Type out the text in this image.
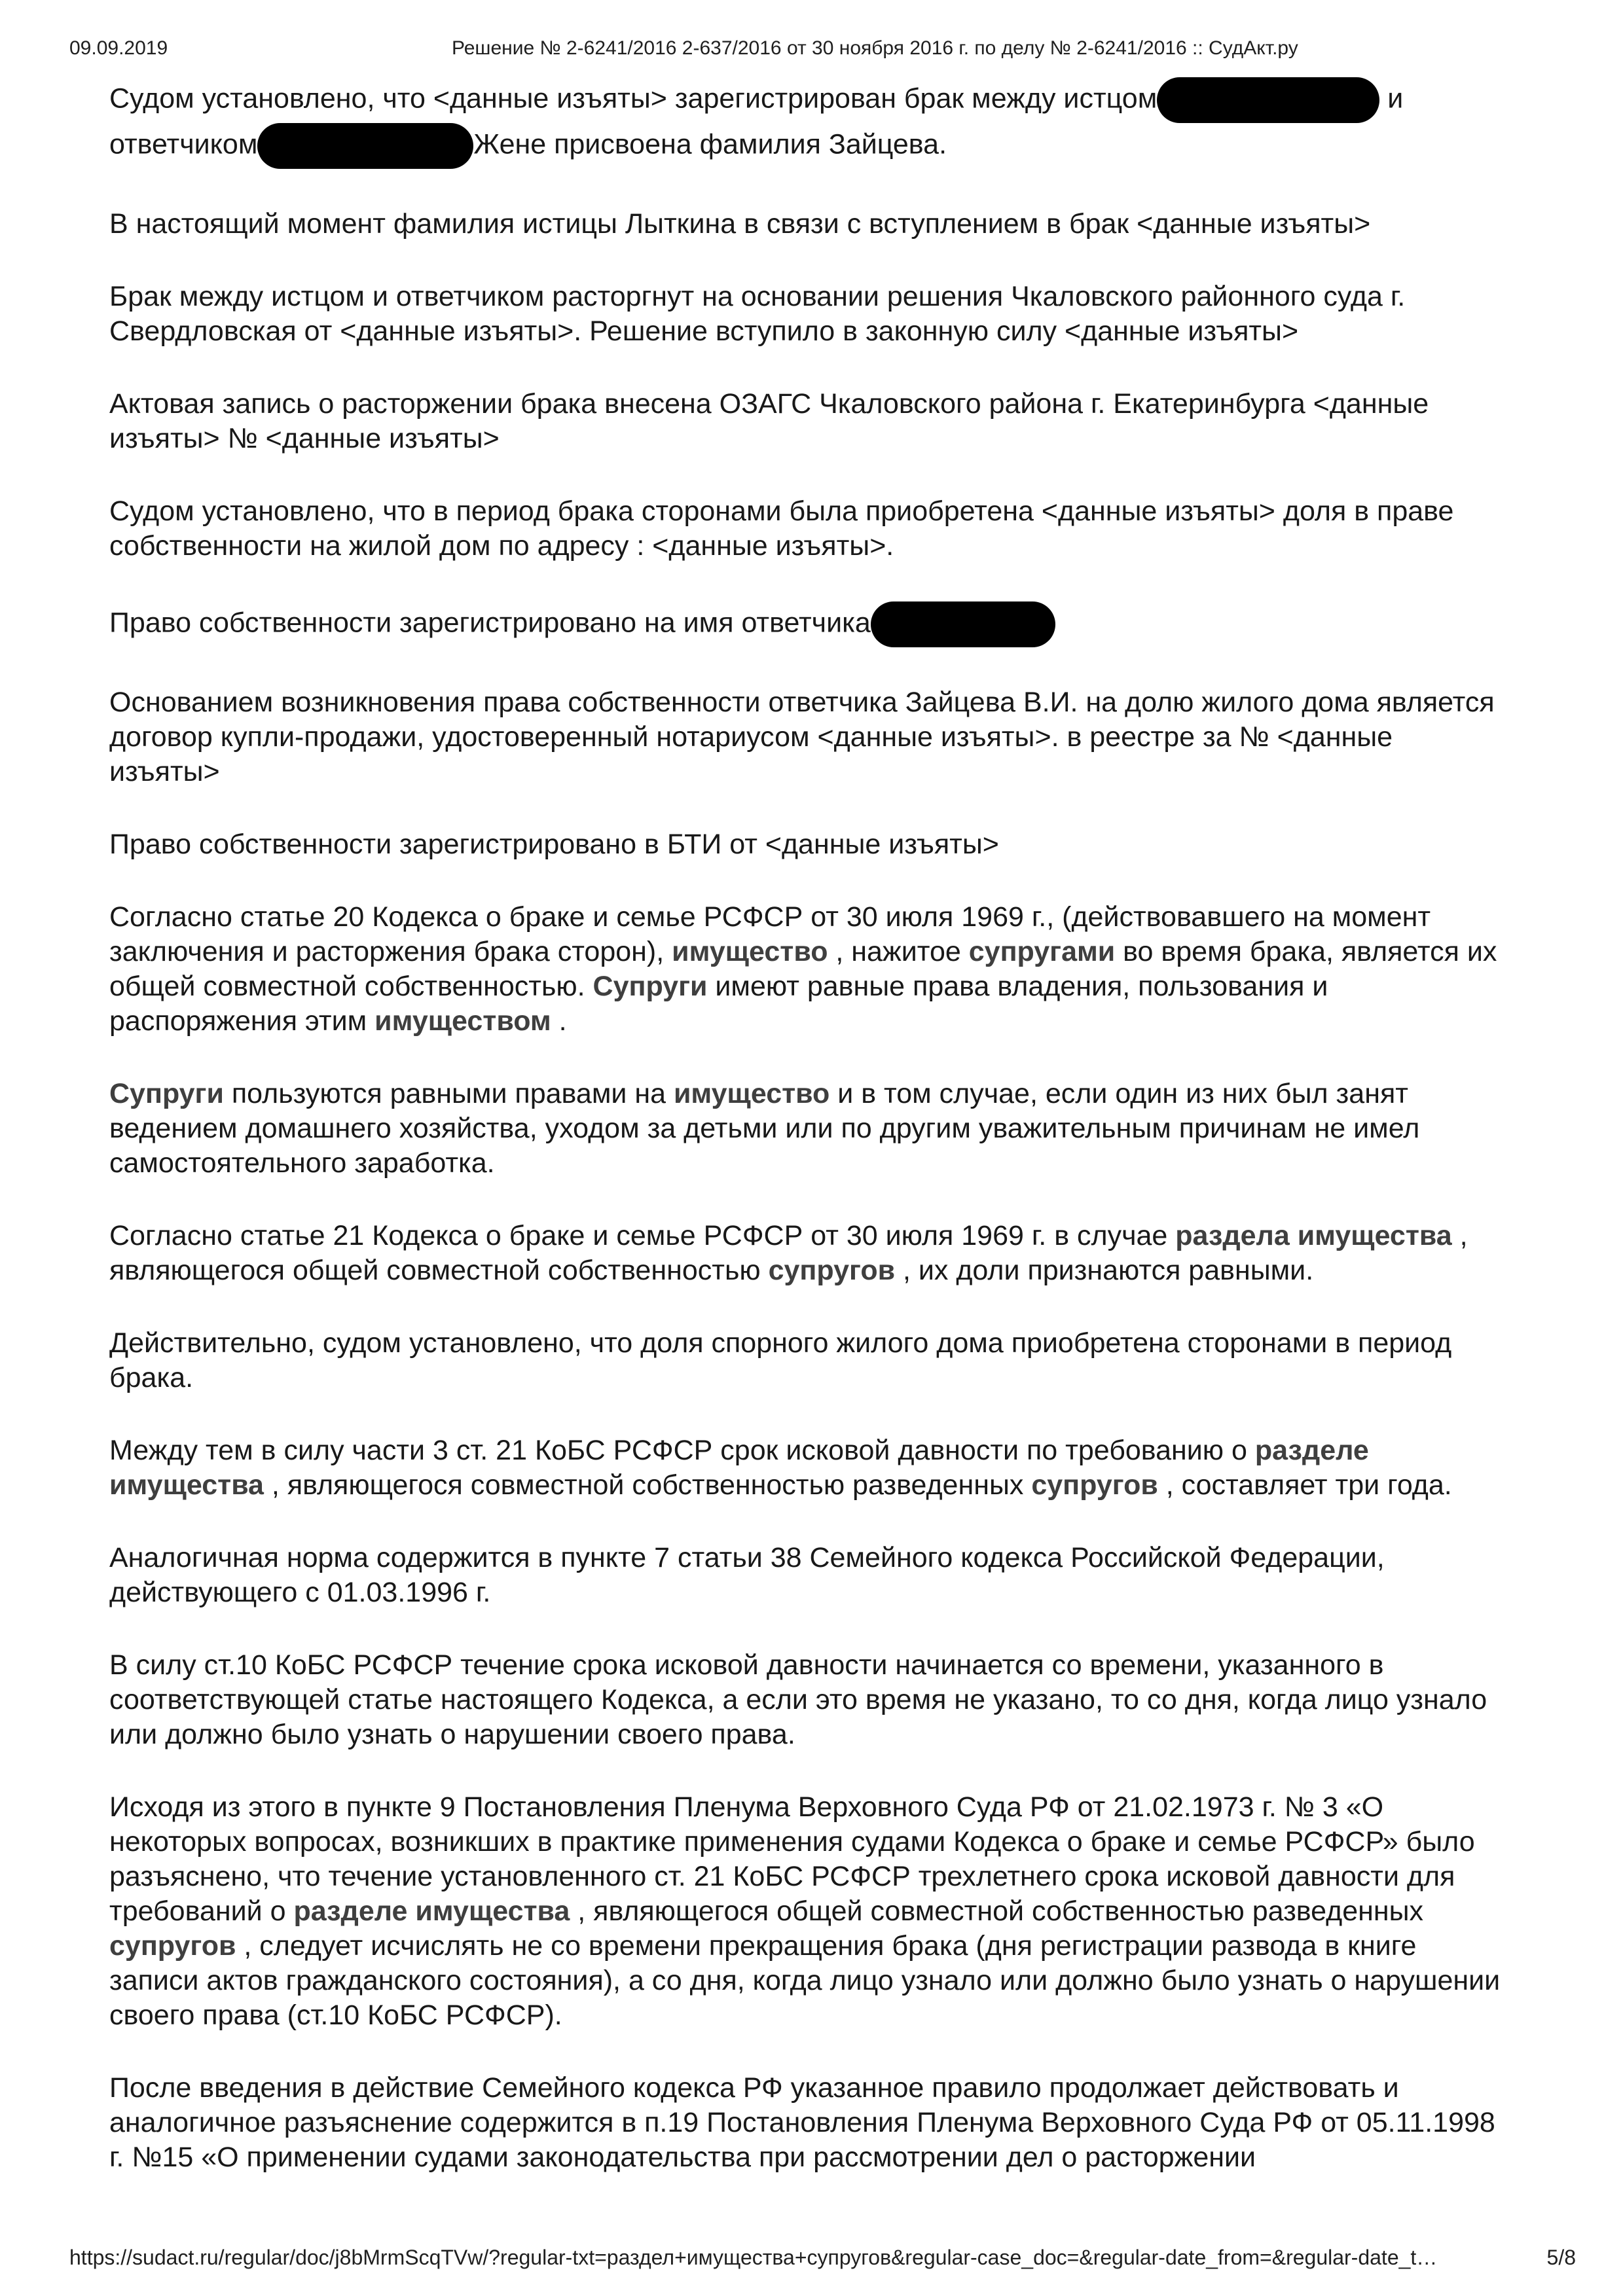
09.09.2019	Решение № 2-6241/2016 2-637/2016 от 30 ноября 2016 г. по делу № 2-6241/2016 :: СудАкт.ру

Судом установлено, что <данные изъяты> зарегистрирован брак между истцом	и ответчиком	Жене присвоена фамилия Зайцева.

В настоящий момент фамилия истицы Лыткина в связи с вступлением в брак <данные изъяты>

Брак между истцом и ответчиком расторгнут на основании решения Чкаловского районного суда г. Свердловская от <данные изъяты>. Решение вступило в законную силу <данные изъяты>

Актовая запись о расторжении брака внесена ОЗАГС Чкаловского района г. Екатеринбурга <данные изъяты> № <данные изъяты>

Судом установлено, что в период брака сторонами была приобретена <данные изъяты> доля в праве собственности на жилой дом по адресу : <данные изъяты>.

Право собственности зарегистрировано на имя ответчика

Основанием возникновения права собственности ответчика Зайцева В.И. на долю жилого дома является договор купли-продажи, удостоверенный нотариусом <данные изъяты>. в реестре за № <данные изъяты>

Право собственности зарегистрировано в БТИ от <данные изъяты>

Согласно статье 20 Кодекса о браке и семье РСФСР от 30 июля 1969 г., (действовавшего на момент заключения и расторжения брака сторон), имущество , нажитое супругами во время брака, является их общей совместной собственностью. Супруги имеют равные права владения, пользования и распоряжения этим имуществом .

Супруги пользуются равными правами на имущество и в том случае, если один из них был занят ведением домашнего хозяйства, уходом за детьми или по другим уважительным причинам не имел самостоятельного заработка.

Согласно статье 21 Кодекса о браке и семье РСФСР от 30 июля 1969 г. в случае раздела имущества , являющегося общей совместной собственностью супругов , их доли признаются равными.

Действительно, судом установлено, что доля спорного жилого дома приобретена сторонами в период брака.

Между тем в силу части 3 ст. 21 КоБС РСФСР срок исковой давности по требованию о разделе имущества , являющегося совместной собственностью разведенных супругов , составляет три года.

Аналогичная норма содержится в пункте 7 статьи 38 Семейного кодекса Российской Федерации, действующего с 01.03.1996 г.

В силу ст.10 КоБС РСФСР течение срока исковой давности начинается со времени, указанного в соответствующей статье настоящего Кодекса, а если это время не указано, то со дня, когда лицо узнало или должно было узнать о нарушении своего права.

Исходя из этого в пункте 9 Постановления Пленума Верховного Суда РФ от 21.02.1973 г. № 3 «О некоторых вопросах, возникших в практике применения судами Кодекса о браке и семье РСФСР» было разъяснено, что течение установленного ст. 21 КоБС РСФСР трехлетнего срока исковой давности для требований о разделе имущества , являющегося общей совместной собственностью разведенных супругов , следует исчислять не со времени прекращения брака (дня регистрации развода в книге записи актов гражданского состояния), а со дня, когда лицо узнало или должно было узнать о нарушении своего права (ст.10 КоБС РСФСР).

После введения в действие Семейного кодекса РФ указанное правило продолжает действовать и аналогичное разъяснение содержится в п.19 Постановления Пленума Верховного Суда РФ от 05.11.1998 г. №15 «О применении судами законодательства при рассмотрении дел о расторжении

https://sudact.ru/regular/doc/j8bMrmScqTVw/?regular-txt=раздел+имущества+супругов&regular-case_doc=&regular-date_from=&regular-date_t…	5/8
